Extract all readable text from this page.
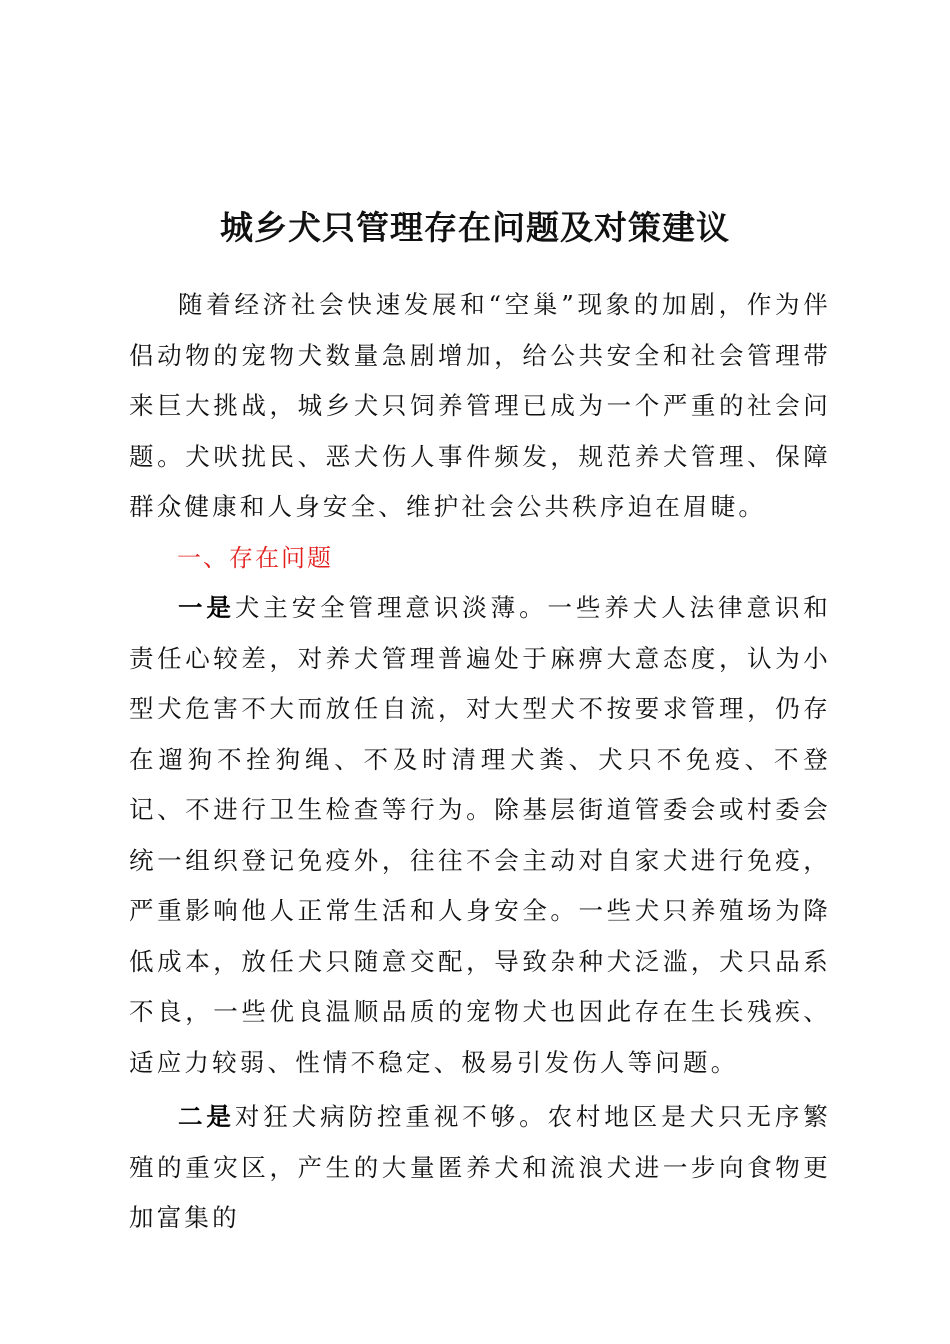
城乡犬只管理存在问题及对策建议

随着经济社会快速发展和“空巢”现象的加剧，作为伴侣动物的宠物犬数量急剧增加，给公共安全和社会管理带来巨大挑战，城乡犬只饲养管理已成为一个严重的社会问题。犬吠扰民、恶犬伤人事件频发，规范养犬管理、保障群众健康和人身安全、维护社会公共秩序迫在眉睫。

一、存在问题

一是犬主安全管理意识淡薄。一些养犬人法律意识和责任心较差，对养犬管理普遍处于麻痹大意态度，认为小型犬危害不大而放任自流，对大型犬不按要求管理，仍存在遛狗不拴狗绳、不及时清理犬粪、犬只不免疫、不登记、不进行卫生检查等行为。除基层街道管委会或村委会统一组织登记免疫外，往往不会主动对自家犬进行免疫，严重影响他人正常生活和人身安全。一些犬只养殖场为降低成本，放任犬只随意交配，导致杂种犬泛滥，犬只品系不良，一些优良温顺品质的宠物犬也因此存在生长残疾、适应力较弱、性情不稳定、极易引发伤人等问题。

二是对狂犬病防控重视不够。农村地区是犬只无序繁殖的重灾区，产生的大量匿养犬和流浪犬进一步向食物更加富集的
